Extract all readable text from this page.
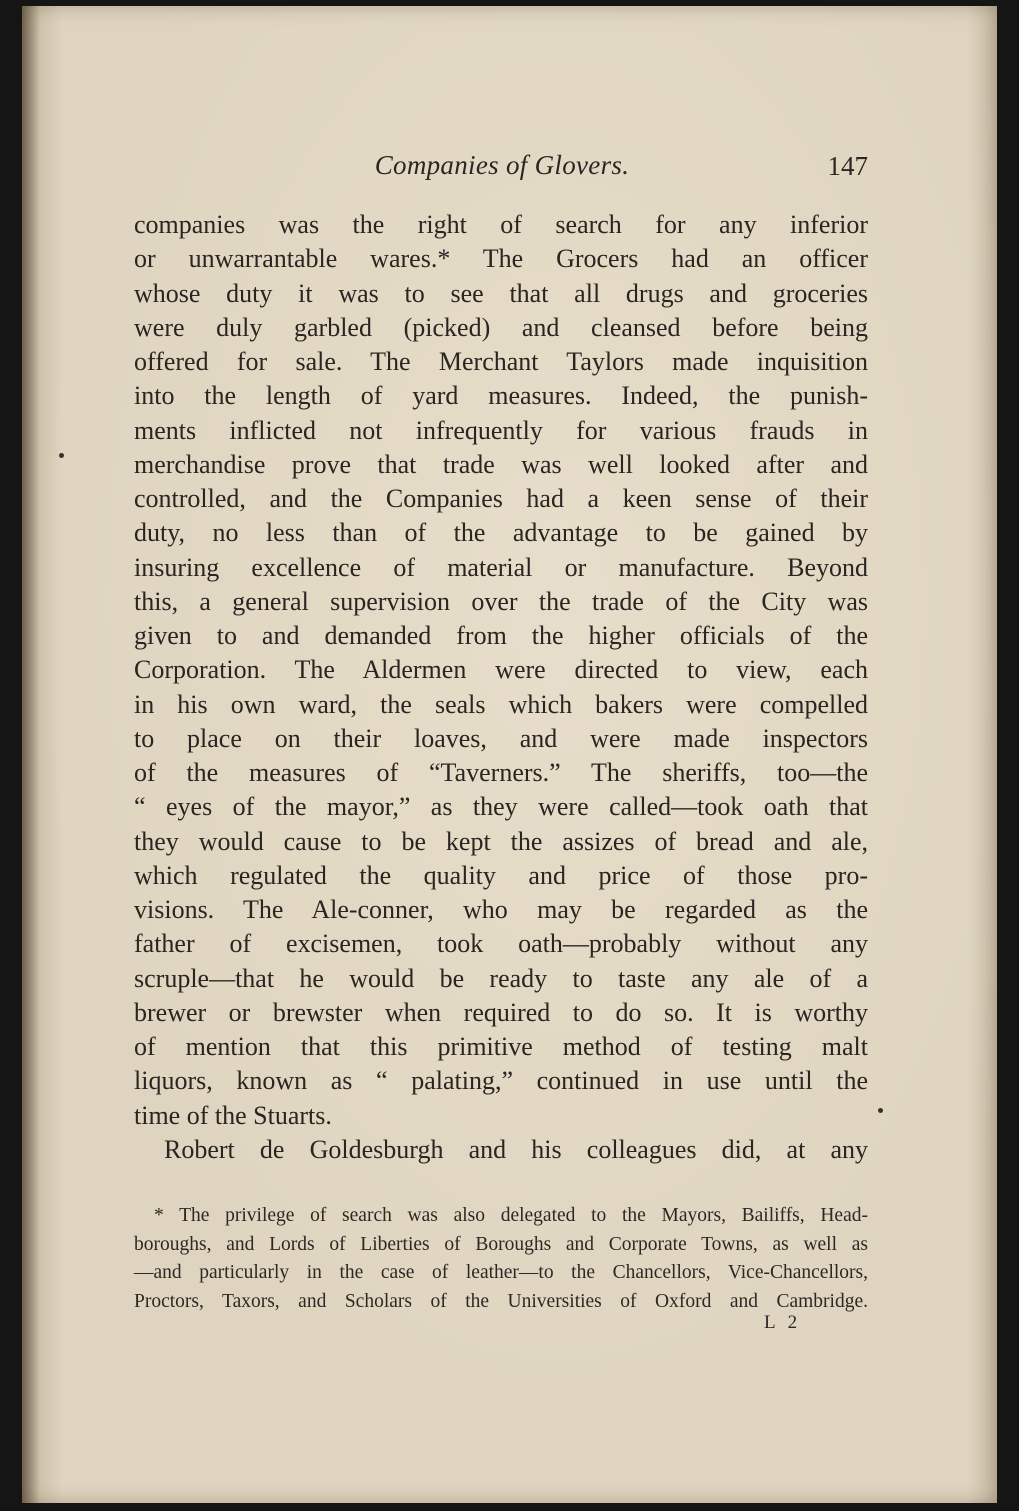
Companies of Glovers.	147
companies was the right of search for any inferior
or unwarrantable wares.* The Grocers had an officer
whose duty it was to see that all drugs and groceries
were duly garbled (picked) and cleansed before being
offered for sale. The Merchant Taylors made inquisition
into the length of yard measures. Indeed, the punish-
ments inflicted not infrequently for various frauds in
merchandise prove that trade was well looked after and
controlled, and the Companies had a keen sense of their
duty, no less than of the advantage to be gained by
insuring excellence of material or manufacture. Beyond
this, a general supervision over the trade of the City was
given to and demanded from the higher officials of the
Corporation. The Aldermen were directed to view, each
in his own ward, the seals which bakers were compelled
to place on their loaves, and were made inspectors
of the measures of “Taverners.” The sheriffs, too—the
“ eyes of the mayor,” as they were called—took oath that
they would cause to be kept the assizes of bread and ale,
which regulated the quality and price of those pro-
visions. The Ale-conner, who may be regarded as the
father of excisemen, took oath—probably without any
scruple—that he would be ready to taste any ale of a
brewer or brewster when required to do so. It is worthy
of mention that this primitive method of testing malt
liquors, known as “ palating,” continued in use until the
time of the Stuarts.
Robert de Goldesburgh and his colleagues did, at any
* The privilege of search was also delegated to the Mayors, Bailiffs, Head-
boroughs, and Lords of Liberties of Boroughs and Corporate Towns, as well as
—and particularly in the case of leather—to the Chancellors, Vice-Chancellors,
Proctors, Taxors, and Scholars of the Universities of Oxford and Cambridge.
L 2
